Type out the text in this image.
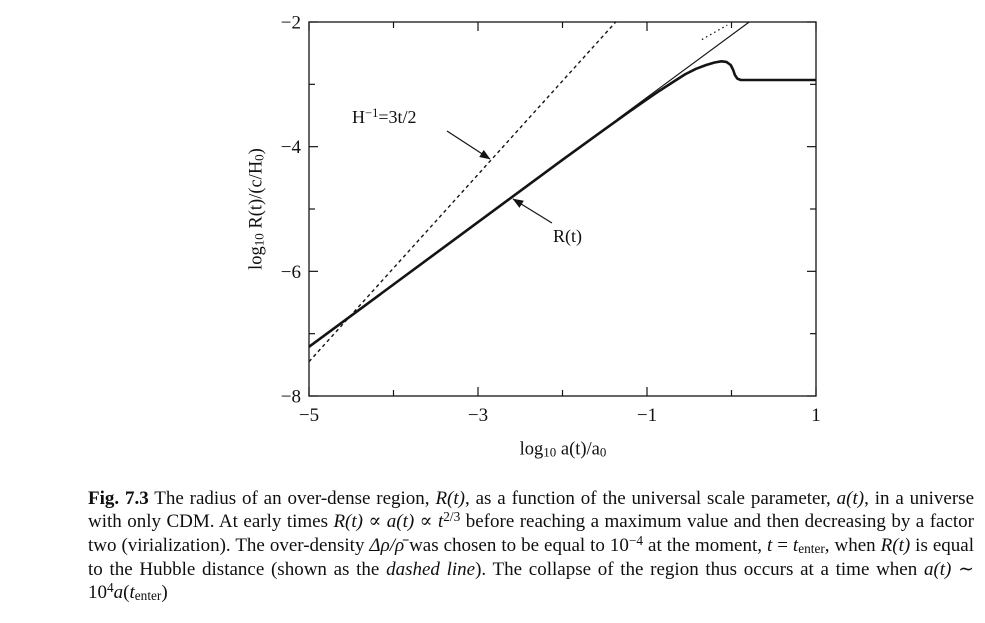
−5	−3	−1	1
−2
−4
−6
−8
$\log_{10} R(t)/(c/H_0)$
$\log_{10} a(t)/a_0$
$H^{-1}=3t/2$
R(t)

Fig. 7.3 The radius of an over-dense region, R(t), as a function of the universal scale parameter, a(t), in a universe with only CDM. At early times $R(t) \propto a(t) \propto t^{2/3}$ before reaching a maximum value and then decreasing by a factor two (virialization). The over-density Δρ/ρ̄ was chosen to be equal to $10^{-4}$ at the moment, $t = t_{enter}$, when R(t) is equal to the Hubble distance (shown as the dashed line). The collapse of the region thus occurs at a time when a(t) ∼ $10^4a(t_{enter})$
